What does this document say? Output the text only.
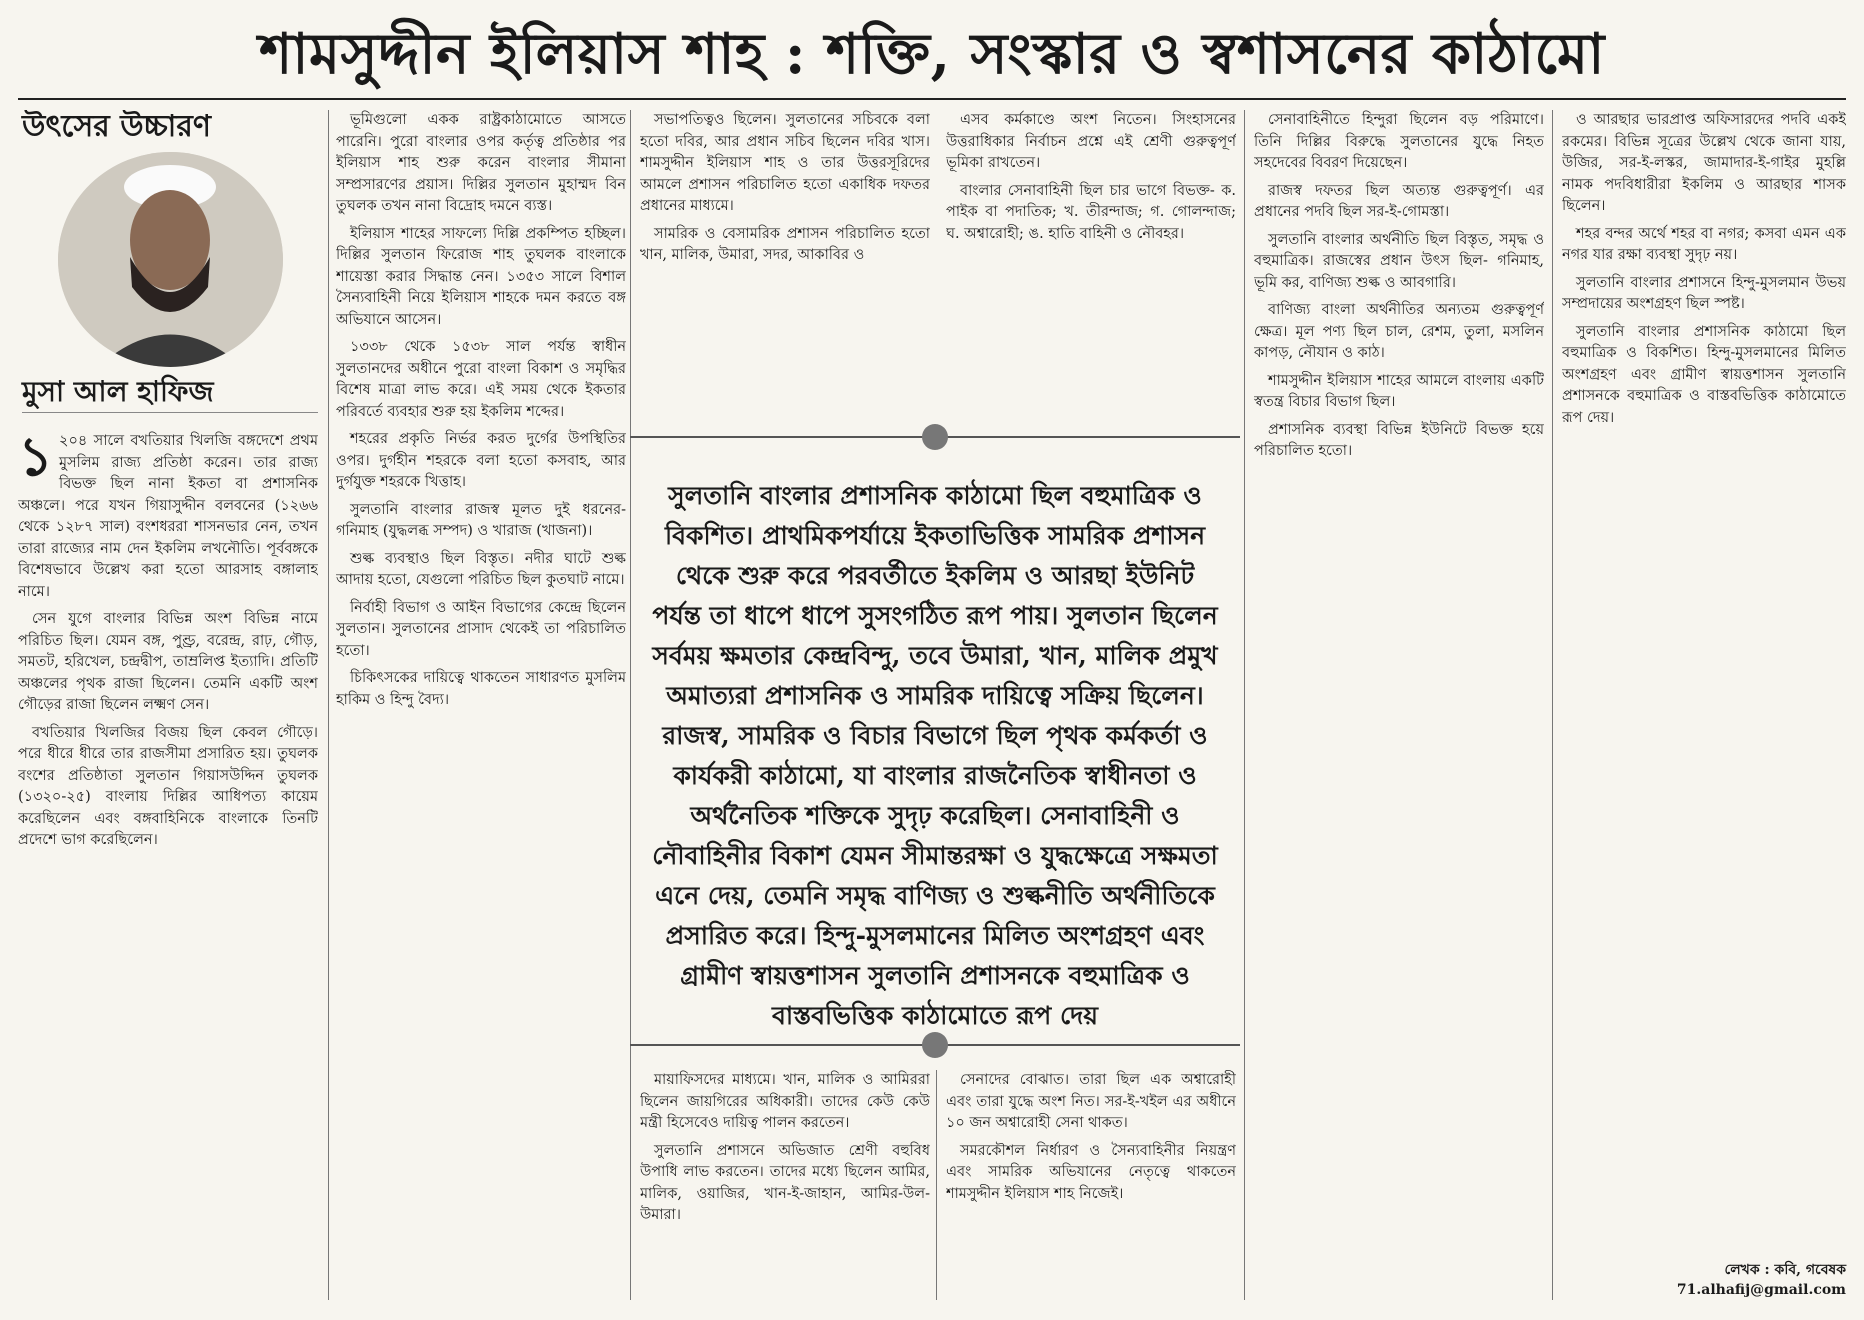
শামসুদ্দীন ইলিয়াস শাহ : শক্তি, সংস্কার ও স্বশাসনের কাঠামো
উৎসের উচ্চারণ
মুসা আল হাফিজ

১ ২০৪ সালে বখতিয়ার খিলজি বঙ্গদেশে প্রথম মুসলিম রাজ্য প্রতিষ্ঠা করেন। তার রাজ্য বিভক্ত ছিল নানা ইকতা বা প্রশাসনিক অঞ্চলে। পরে যখন গিয়াসুদ্দীন বলবনের (১২৬৬ থেকে ১২৮৭ সাল) বংশধররা শাসনভার নেন, তখন তারা রাজ্যের নাম দেন ইকলিম লখনৌতি। পূর্ববঙ্গকে বিশেষভাবে উল্লেখ করা হতো আরসাহ বঙ্গালাহ নামে।

সেন যুগে বাংলার বিভিন্ন অংশ বিভিন্ন নামে পরিচিত ছিল। যেমন বঙ্গ, পুণ্ড্র, বরেন্দ্র, রাঢ়, গৌড়, সমতট, হরিখেল, চন্দ্রদ্বীপ, তাম্রলিপ্ত ইত্যাদি। প্রতিটি অঞ্চলের পৃথক রাজা ছিলেন। তেমনি একটি অংশ গৌড়ের রাজা ছিলেন লক্ষ্মণ সেন।

বখতিয়ার খিলজির বিজয় ছিল কেবল গৌড়ে। পরে ধীরে ধীরে তার রাজসীমা প্রসারিত হয়। তুঘলক বংশের প্রতিষ্ঠাতা সুলতান গিয়াসউদ্দিন তুঘলক (১৩২০-২৫) বাংলায় দিল্লির আধিপত্য কায়েম করেছিলেন এবং বঙ্গবাহিনিকে বাংলাকে তিনটি প্রদেশে ভাগ করেছিলেন।

ভূমিগুলো একক রাষ্ট্রকাঠামোতে আসতে পারেনি। পুরো বাংলার ওপর কর্তৃত্ব প্রতিষ্ঠার পর ইলিয়াস শাহ শুরু করেন বাংলার সীমানা সম্প্রসারণের প্রয়াস। দিল্লির সুলতান মুহাম্মদ বিন তুঘলক তখন নানা বিদ্রোহ দমনে ব্যস্ত।

ইলিয়াস শাহের সাফল্যে দিল্লি প্রকম্পিত হচ্ছিল। দিল্লির সুলতান ফিরোজ শাহ তুঘলক বাংলাকে শায়েস্তা করার সিদ্ধান্ত নেন। ১৩৫৩ সালে বিশাল সৈন্যবাহিনী নিয়ে ইলিয়াস শাহকে দমন করতে বঙ্গ অভিযানে আসেন।

১৩৩৮ থেকে ১৫৩৮ সাল পর্যন্ত স্বাধীন সুলতানদের অধীনে পুরো বাংলা বিকাশ ও সমৃদ্ধির বিশেষ মাত্রা লাভ করে। এই সময় থেকে ইকতার পরিবর্তে ব্যবহার শুরু হয় ইকলিম শব্দের।

শহরের প্রকৃতি নির্ভর করত দুর্গের উপস্থিতির ওপর। দুর্গহীন শহরকে বলা হতো কসবাহ, আর দুর্গযুক্ত শহরকে খিত্তাহ।

সুলতানি বাংলার রাজস্ব মূলত দুই ধরনের- গনিমাহ (যুদ্ধলব্ধ সম্পদ) ও খারাজ (খাজনা)।

শুল্ক ব্যবস্থাও ছিল বিস্তৃত। নদীর ঘাটে শুল্ক আদায় হতো, যেগুলো পরিচিত ছিল কুতঘাট নামে।

নির্বাহী বিভাগ ও আইন বিভাগের কেন্দ্রে ছিলেন সুলতান। সুলতানের প্রাসাদ থেকেই তা পরিচালিত হতো।

চিকিৎসকের দায়িত্বে থাকতেন সাধারণত মুসলিম হাকিম ও হিন্দু বৈদ্য।

সভাপতিত্বও ছিলেন। সুলতানের সচিবকে বলা হতো দবির, আর প্রধান সচিব ছিলেন দবির খাস। শামসুদ্দীন ইলিয়াস শাহ ও তার উত্তরসূরিদের আমলে প্রশাসন পরিচালিত হতো একাধিক দফতর প্রধানের মাধ্যমে।

সামরিক ও বেসামরিক প্রশাসন পরিচালিত হতো খান, মালিক, উমারা, সদর, আকাবির ও

এসব কর্মকাণ্ডে অংশ নিতেন। সিংহাসনের উত্তরাধিকার নির্বাচন প্রশ্নে এই শ্রেণী গুরুত্বপূর্ণ ভূমিকা রাখতেন।

বাংলার সেনাবাহিনী ছিল চার ভাগে বিভক্ত- ক. পাইক বা পদাতিক; খ. তীরন্দাজ; গ. গোলন্দাজ; ঘ. অশ্বারোহী; ঙ. হাতি বাহিনী ও নৌবহর।

সুলতানি বাংলার প্রশাসনিক কাঠামো ছিল বহুমাত্রিক ও বিকশিত। প্রাথমিকপর্যায়ে ইকতাভিত্তিক সামরিক প্রশাসন থেকে শুরু করে পরবর্তীতে ইকলিম ও আরছা ইউনিট পর্যন্ত তা ধাপে ধাপে সুসংগঠিত রূপ পায়। সুলতান ছিলেন সর্বময় ক্ষমতার কেন্দ্রবিন্দু, তবে উমারা, খান, মালিক প্রমুখ অমাত্যরা প্রশাসনিক ও সামরিক দায়িত্বে সক্রিয় ছিলেন। রাজস্ব, সামরিক ও বিচার বিভাগে ছিল পৃথক কর্মকর্তা ও কার্যকরী কাঠামো, যা বাংলার রাজনৈতিক স্বাধীনতা ও অর্থনৈতিক শক্তিকে সুদৃঢ় করেছিল। সেনাবাহিনী ও নৌবাহিনীর বিকাশ যেমন সীমান্তরক্ষা ও যুদ্ধক্ষেত্রে সক্ষমতা এনে দেয়, তেমনি সমৃদ্ধ বাণিজ্য ও শুল্কনীতি অর্থনীতিকে প্রসারিত করে। হিন্দু-মুসলমানের মিলিত অংশগ্রহণ এবং গ্রামীণ স্বায়ত্তশাসন সুলতানি প্রশাসনকে বহুমাত্রিক ও বাস্তবভিত্তিক কাঠামোতে রূপ দেয়

মায়াফিসদের মাধ্যমে। খান, মালিক ও আমিররা ছিলেন জায়গিরের অধিকারী। তাদের কেউ কেউ মন্ত্রী হিসেবেও দায়িত্ব পালন করতেন।

সুলতানি প্রশাসনে অভিজাত শ্রেণী বহুবিধ উপাধি লাভ করতেন। তাদের মধ্যে ছিলেন আমির, মালিক, ওয়াজির, খান-ই-জাহান, আমির-উল-উমারা।

সেনাদের বোঝাত। তারা ছিল এক অশ্বারোহী এবং তারা যুদ্ধে অংশ নিত। সর-ই-খইল এর অধীনে ১০ জন অশ্বারোহী সেনা থাকত।

সমরকৌশল নির্ধারণ ও সৈন্যবাহিনীর নিয়ন্ত্রণ এবং সামরিক অভিযানের নেতৃত্বে থাকতেন শামসুদ্দীন ইলিয়াস শাহ নিজেই।

সেনাবাহিনীতে হিন্দুরা ছিলেন বড় পরিমাণে। তিনি দিল্লির বিরুদ্ধে সুলতানের যুদ্ধে নিহত সহদেবের বিবরণ দিয়েছেন।

রাজস্ব দফতর ছিল অত্যন্ত গুরুত্বপূর্ণ। এর প্রধানের পদবি ছিল সর-ই-গোমস্তা।

সুলতানি বাংলার অর্থনীতি ছিল বিস্তৃত, সমৃদ্ধ ও বহুমাত্রিক। রাজস্বের প্রধান উৎস ছিল- গনিমাহ, ভূমি কর, বাণিজ্য শুল্ক ও আবগারি।

বাণিজ্য বাংলা অর্থনীতির অন্যতম গুরুত্বপূর্ণ ক্ষেত্র। মূল পণ্য ছিল চাল, রেশম, তুলা, মসলিন কাপড়, নৌযান ও কাঠ।

শামসুদ্দীন ইলিয়াস শাহের আমলে বাংলায় একটি স্বতন্ত্র বিচার বিভাগ ছিল।

প্রশাসনিক ব্যবস্থা বিভিন্ন ইউনিটে বিভক্ত হয়ে পরিচালিত হতো।

ও আরছার ভারপ্রাপ্ত অফিসারদের পদবি একই রকমের। বিভিন্ন সূত্রের উল্লেখ থেকে জানা যায়, উজির, সর-ই-লস্কর, জামাদার-ই-গাইর মুহল্লি নামক পদবিধারীরা ইকলিম ও আরছার শাসক ছিলেন।

শহর বন্দর অর্থে শহর বা নগর; কসবা এমন এক নগর যার রক্ষা ব্যবস্থা সুদৃঢ় নয়।

সুলতানি বাংলার প্রশাসনে হিন্দু-মুসলমান উভয় সম্প্রদায়ের অংশগ্রহণ ছিল স্পষ্ট।

সুলতানি বাংলার প্রশাসনিক কাঠামো ছিল বহুমাত্রিক ও বিকশিত। হিন্দু-মুসলমানের মিলিত অংশগ্রহণ এবং গ্রামীণ স্বায়ত্তশাসন সুলতানি প্রশাসনকে বহুমাত্রিক ও বাস্তবভিত্তিক কাঠামোতে রূপ দেয়।

লেখক : কবি, গবেষক
71.alhafij@gmail.com
